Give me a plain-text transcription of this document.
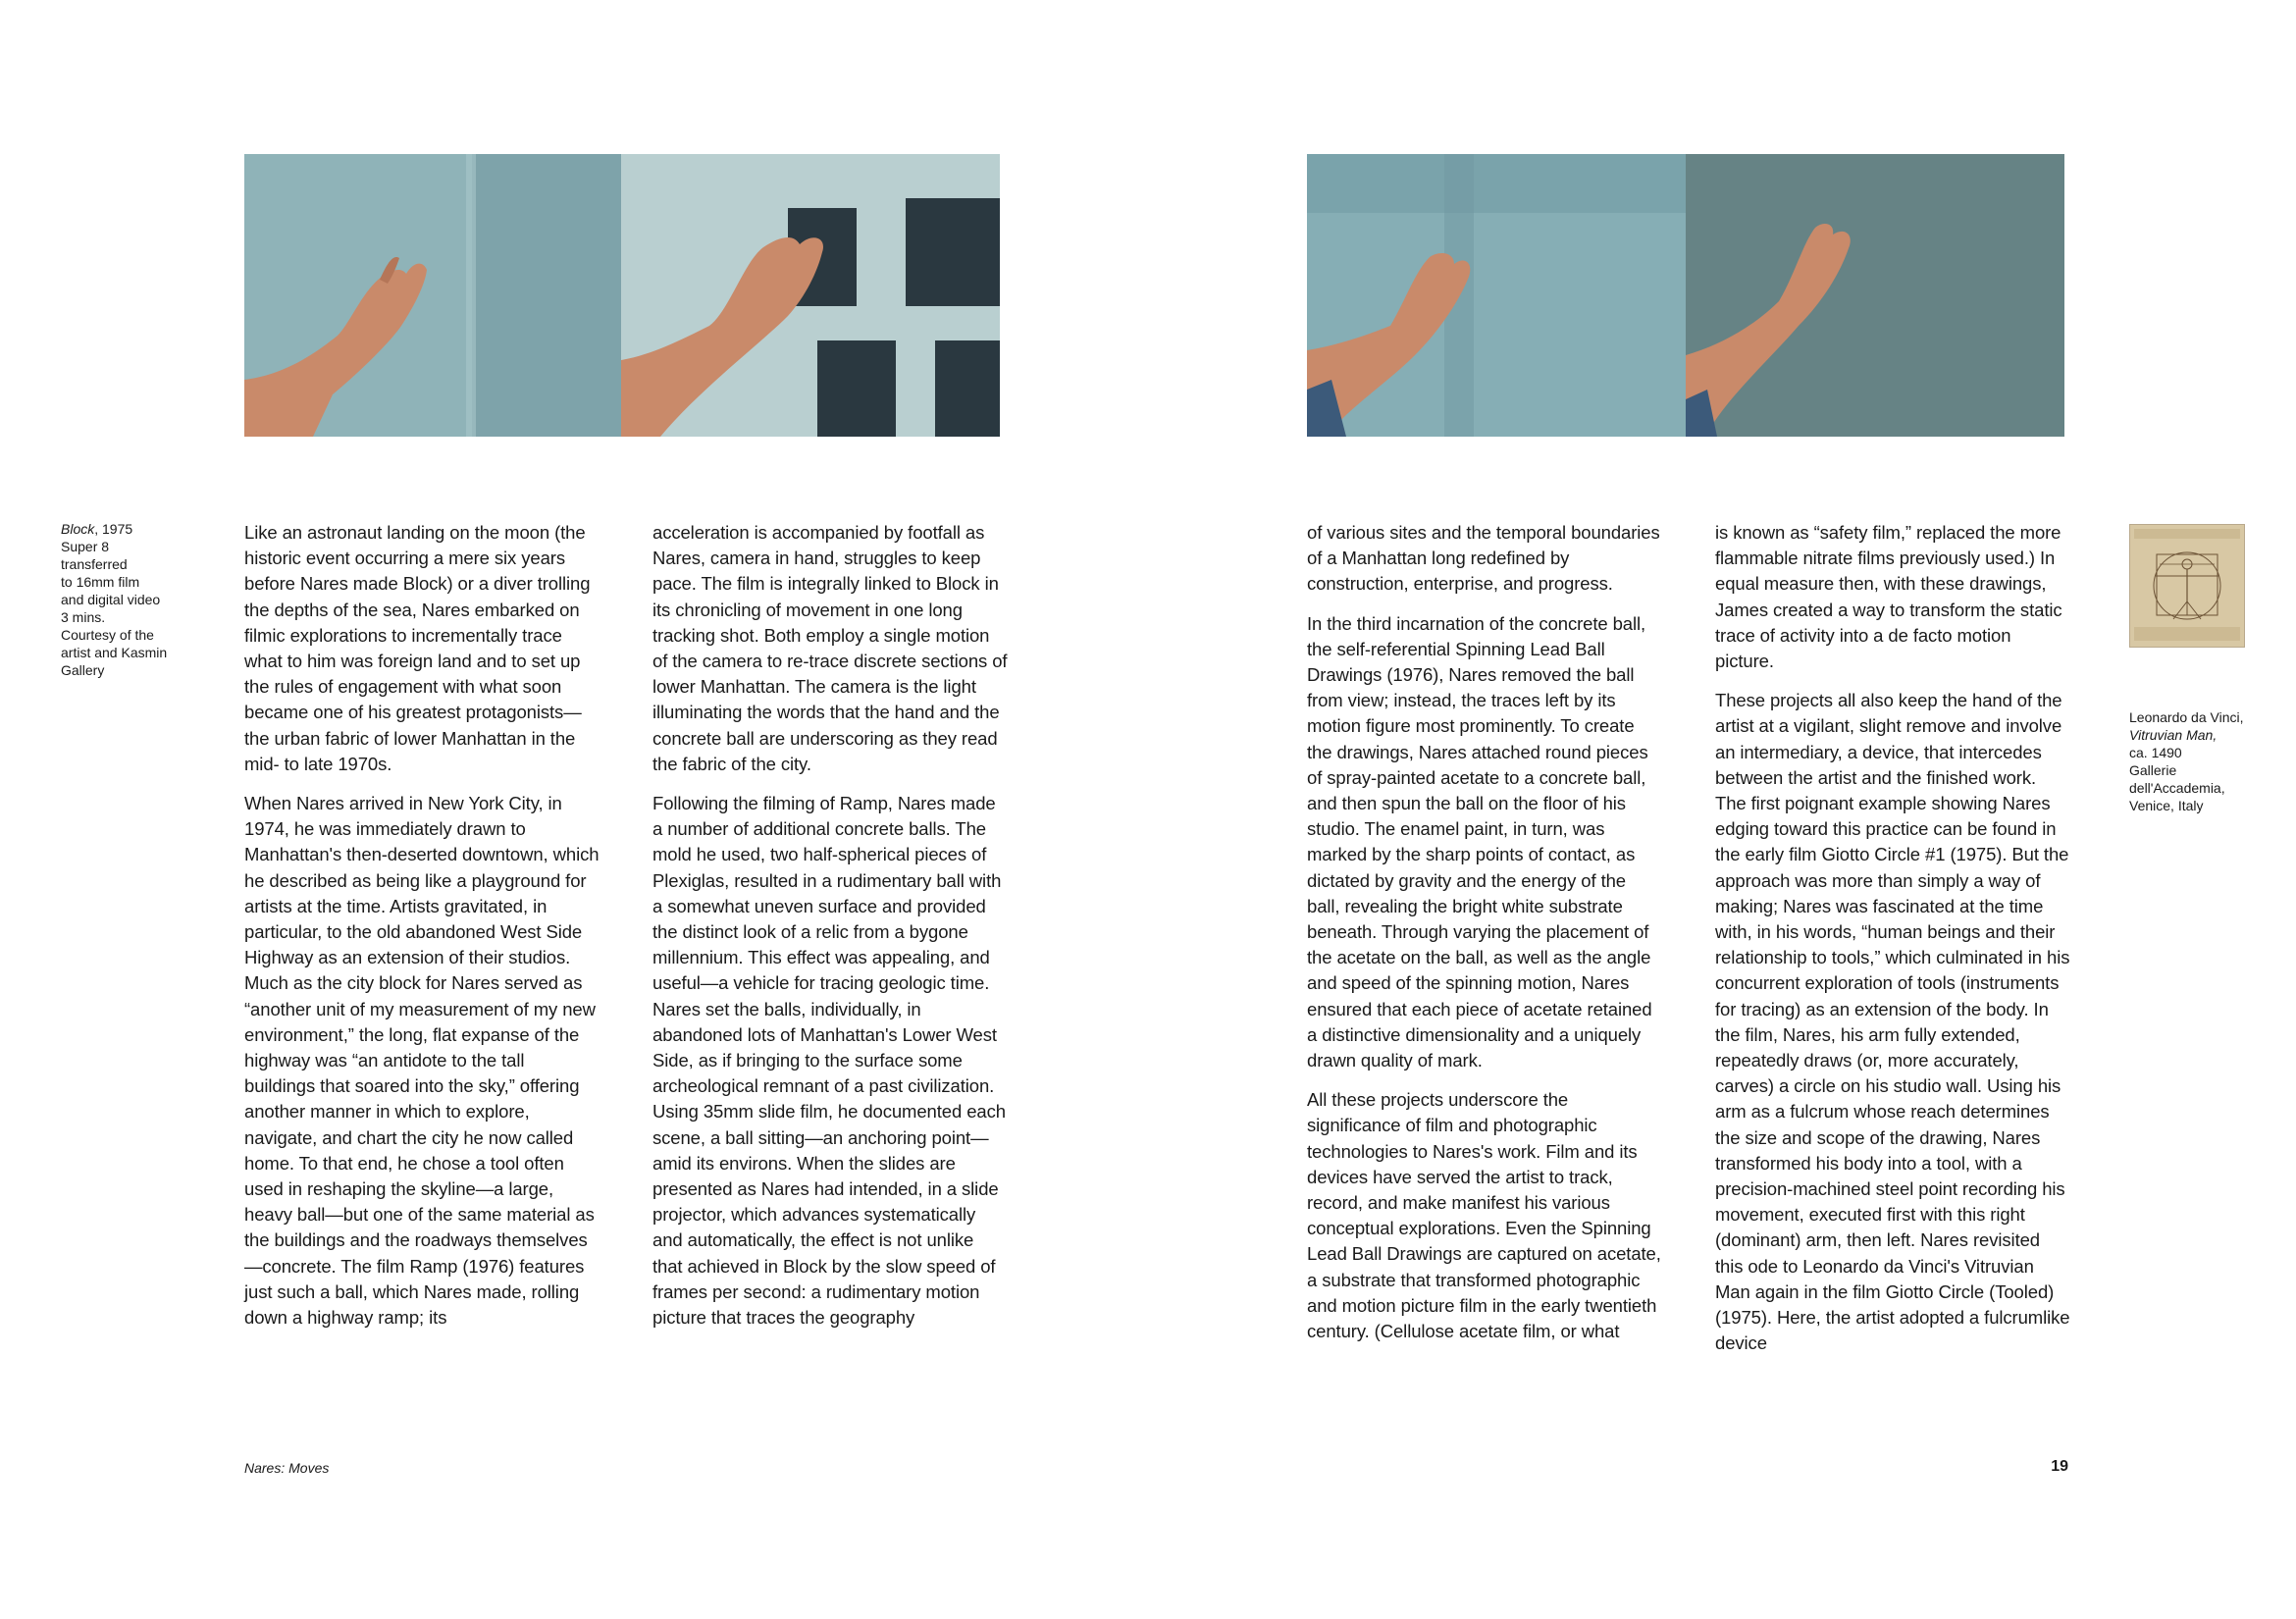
Block, 1975
Super 8
transferred
to 16mm film
and digital video
3 mins.
Courtesy of the
artist and Kasmin
Gallery

Like an astronaut landing on the moon (the historic event occurring a mere six years before Nares made Block) or a diver trolling the depths of the sea, Nares embarked on filmic explorations to incrementally trace what to him was foreign land and to set up the rules of engagement with what soon became one of his greatest protagonists—the urban fabric of lower Manhattan in the mid- to late 1970s.

When Nares arrived in New York City, in 1974, he was immediately drawn to Manhattan's then-deserted downtown, which he described as being like a playground for artists at the time. Artists gravitated, in particular, to the old abandoned West Side Highway as an extension of their studios. Much as the city block for Nares served as “another unit of my measurement of my new environment,” the long, flat expanse of the highway was “an antidote to the tall buildings that soared into the sky,” offering another manner in which to explore, navigate, and chart the city he now called home. To that end, he chose a tool often used in reshaping the skyline—a large, heavy ball—but one of the same material as the buildings and the roadways themselves—concrete. The film Ramp (1976) features just such a ball, which Nares made, rolling down a highway ramp; its

acceleration is accompanied by footfall as Nares, camera in hand, struggles to keep pace. The film is integrally linked to Block in its chronicling of movement in one long tracking shot. Both employ a single motion of the camera to re-trace discrete sections of lower Manhattan. The camera is the light illuminating the words that the hand and the concrete ball are underscoring as they read the fabric of the city.

Following the filming of Ramp, Nares made a number of additional concrete balls. The mold he used, two half-spherical pieces of Plexiglas, resulted in a rudimentary ball with a somewhat uneven surface and provided the distinct look of a relic from a bygone millennium. This effect was appealing, and useful—a vehicle for tracing geologic time. Nares set the balls, individually, in abandoned lots of Manhattan's Lower West Side, as if bringing to the surface some archeological remnant of a past civilization. Using 35mm slide film, he documented each scene, a ball sitting—an anchoring point—amid its environs. When the slides are presented as Nares had intended, in a slide projector, which advances systematically and automatically, the effect is not unlike that achieved in Block by the slow speed of frames per second: a rudimentary motion picture that traces the geography

of various sites and the temporal boundaries of a Manhattan long redefined by construction, enterprise, and progress.

In the third incarnation of the concrete ball, the self-referential Spinning Lead Ball Drawings (1976), Nares removed the ball from view; instead, the traces left by its motion figure most prominently. To create the drawings, Nares attached round pieces of spray-painted acetate to a concrete ball, and then spun the ball on the floor of his studio. The enamel paint, in turn, was marked by the sharp points of contact, as dictated by gravity and the energy of the ball, revealing the bright white substrate beneath. Through varying the placement of the acetate on the ball, as well as the angle and speed of the spinning motion, Nares ensured that each piece of acetate retained a distinctive dimensionality and a uniquely drawn quality of mark.

All these projects underscore the significance of film and photographic technologies to Nares's work. Film and its devices have served the artist to track, record, and make manifest his various conceptual explorations. Even the Spinning Lead Ball Drawings are captured on acetate, a substrate that transformed photographic and motion picture film in the early twentieth century. (Cellulose acetate film, or what

is known as “safety film,” replaced the more flammable nitrate films previously used.) In equal measure then, with these drawings, James created a way to transform the static trace of activity into a de facto motion picture.

These projects all also keep the hand of the artist at a vigilant, slight remove and involve an intermediary, a device, that intercedes between the artist and the finished work. The first poignant example showing Nares edging toward this practice can be found in the early film Giotto Circle #1 (1975). But the approach was more than simply a way of making; Nares was fascinated at the time with, in his words, “human beings and their relationship to tools,” which culminated in his concurrent exploration of tools (instruments for tracing) as an extension of the body. In the film, Nares, his arm fully extended, repeatedly draws (or, more accurately, carves) a circle on his studio wall. Using his arm as a fulcrum whose reach determines the size and scope of the drawing, Nares transformed his body into a tool, with a precision-machined steel point recording his movement, executed first with this right (dominant) arm, then left. Nares revisited this ode to Leonardo da Vinci's Vitruvian Man again in the film Giotto Circle (Tooled) (1975). Here, the artist adopted a fulcrumlike device

Leonardo da Vinci,
Vitruvian Man,
ca. 1490
Gallerie
dell'Accademia,
Venice, Italy
Nares: Moves	19
